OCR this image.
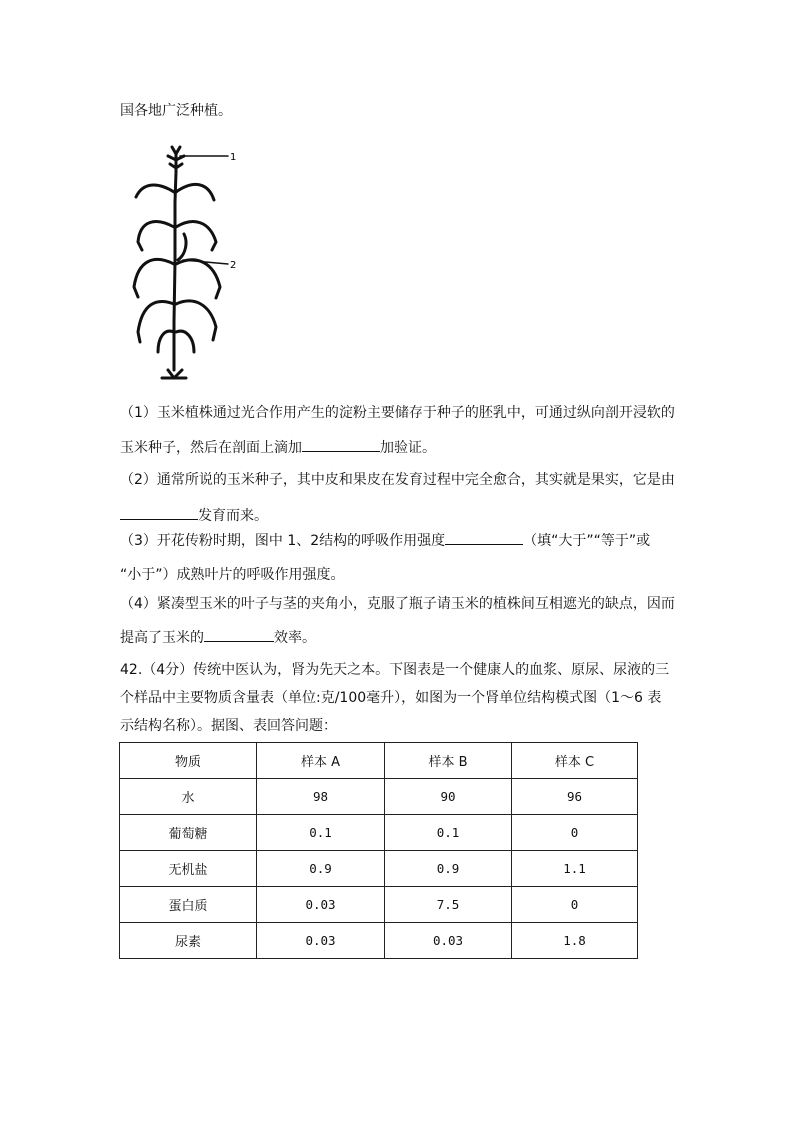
国各地广泛种植。
1
2
（1）玉米植株通过光合作用产生的淀粉主要储存于种子的胚乳中，可通过纵向剖开浸软的
玉米种子，然后在剖面上滴加	加验证。
（2）通常所说的玉米种子，其中皮和果皮在发育过程中完全愈合，其实就是果实，它是由
发育而来。
（3）开花传粉时期，图中 1、2结构的呼吸作用强度	（填“大于”“等于”或
“小于”）成熟叶片的呼吸作用强度。
（4）紧凑型玉米的叶子与茎的夹角小，克服了瓶子请玉米的植株间互相遮光的缺点，因而
提高了玉米的	效率。
42.（4分）传统中医认为，肾为先天之本。下图表是一个健康人的血浆、原尿、尿液的三
个样品中主要物质含量表（单位:克/100毫升），如图为一个肾单位结构模式图（1～6 表
示结构名称）。据图、表回答问题：
物质	样本 A	样本 B	样本 C
水	98	90	96
葡萄糖	0.1	0.1	0
无机盐	0.9	0.9	1.1
蛋白质	0.03	7.5	0
尿素	0.03	0.03	1.8
